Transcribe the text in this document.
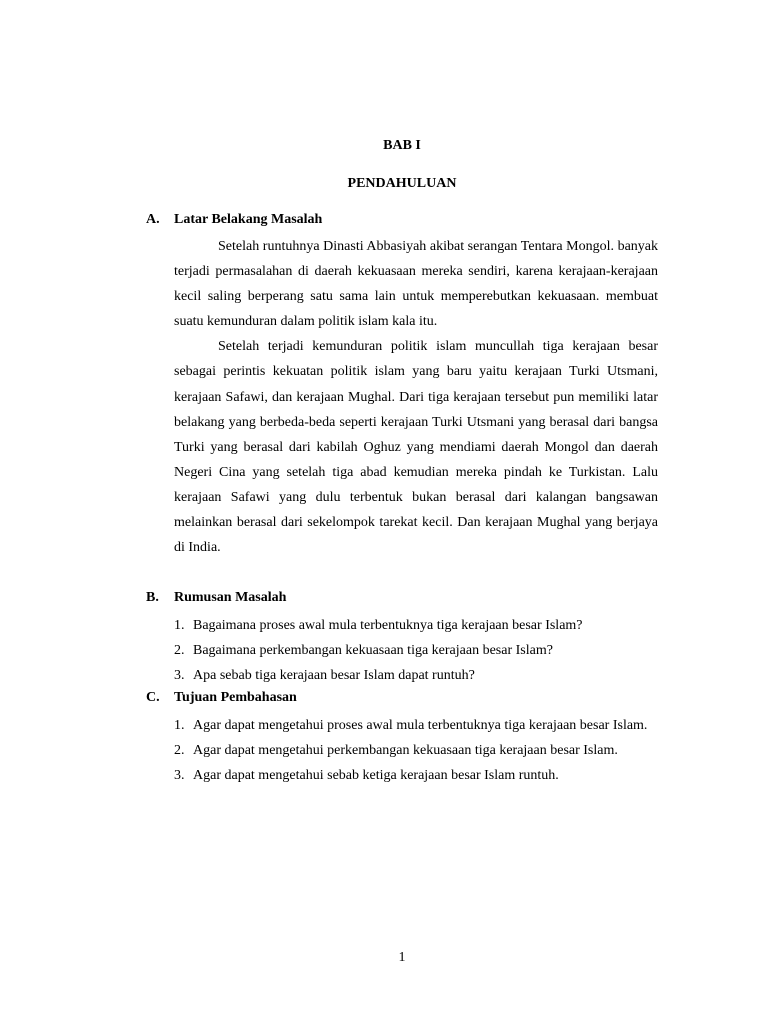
BAB I
PENDAHULUAN
A. Latar Belakang Masalah

Setelah runtuhnya Dinasti Abbasiyah akibat serangan Tentara Mongol. banyak terjadi permasalahan di daerah kekuasaan mereka sendiri, karena kerajaan-kerajaan kecil saling berperang satu sama lain untuk memperebutkan kekuasaan. membuat suatu kemunduran dalam politik islam kala itu.

Setelah terjadi kemunduran politik islam muncullah tiga kerajaan besar sebagai perintis kekuatan politik islam yang baru yaitu kerajaan Turki Utsmani, kerajaan Safawi, dan kerajaan Mughal. Dari tiga kerajaan tersebut pun memiliki latar belakang yang berbeda-beda seperti kerajaan Turki Utsmani yang berasal dari bangsa Turki yang berasal dari kabilah Oghuz yang mendiami daerah Mongol dan daerah Negeri Cina yang setelah tiga abad kemudian mereka pindah ke Turkistan. Lalu kerajaan Safawi yang dulu terbentuk bukan berasal dari kalangan bangsawan melainkan berasal dari sekelompok tarekat kecil. Dan kerajaan Mughal yang berjaya di India.

B. Rumusan Masalah
1. Bagaimana proses awal mula terbentuknya tiga kerajaan besar Islam?
2. Bagaimana perkembangan kekuasaan tiga kerajaan besar Islam?
3. Apa sebab tiga kerajaan besar Islam dapat runtuh?
C. Tujuan Pembahasan
1. Agar dapat mengetahui proses awal mula terbentuknya tiga kerajaan besar Islam.
2. Agar dapat mengetahui perkembangan kekuasaan tiga kerajaan besar Islam.
3. Agar dapat mengetahui sebab ketiga kerajaan besar Islam runtuh.
1
